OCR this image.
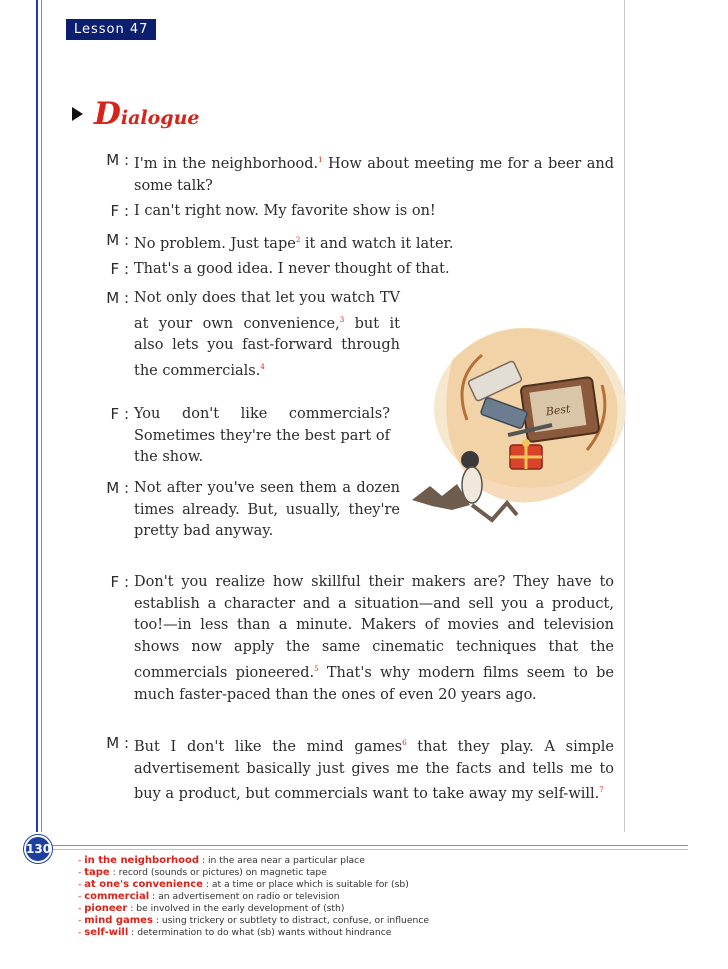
Lesson 47
Dialogue
M : I'm in the neighborhood.$^1$ How about meeting me for a beer and some talk?
F : I can't right now. My favorite show is on!
M : No problem. Just tape$^2$ it and watch it later.
F : That's a good idea. I never thought of that.
M : Not only does that let you watch TV at your own convenience,$^3$ but it also lets you fast-forward through the commercials.$^4$
F : You don't like commercials? Sometimes they're the best part of the show.
M : Not after you've seen them a dozen times already. But, usually, they're pretty bad anyway.
F : Don't you realize how skillful their makers are? They have to establish a character and a situation—and sell you a product, too!—in less than a minute. Makers of movies and television shows now apply the same cinematic techniques that the commercials pioneered.$^5$ That's why modern films seem to be much faster-paced than the ones of even 20 years ago.
M : But I don't like the mind games$^6$ that they play. A simple advertisement basically just gives me the facts and tells me to buy a product, but commercials want to take away my self-will.$^7$
Best
130
- in the neighborhood : in the area near a particular place
- tape : record (sounds or pictures) on magnetic tape
- at one's convenience : at a time or place which is suitable for (sb)
- commercial : an advertisement on radio or television
- pioneer : be involved in the early development of (sth)
- mind games : using trickery or subtlety to distract, confuse, or influence
- self-will : determination to do what (sb) wants without hindrance
